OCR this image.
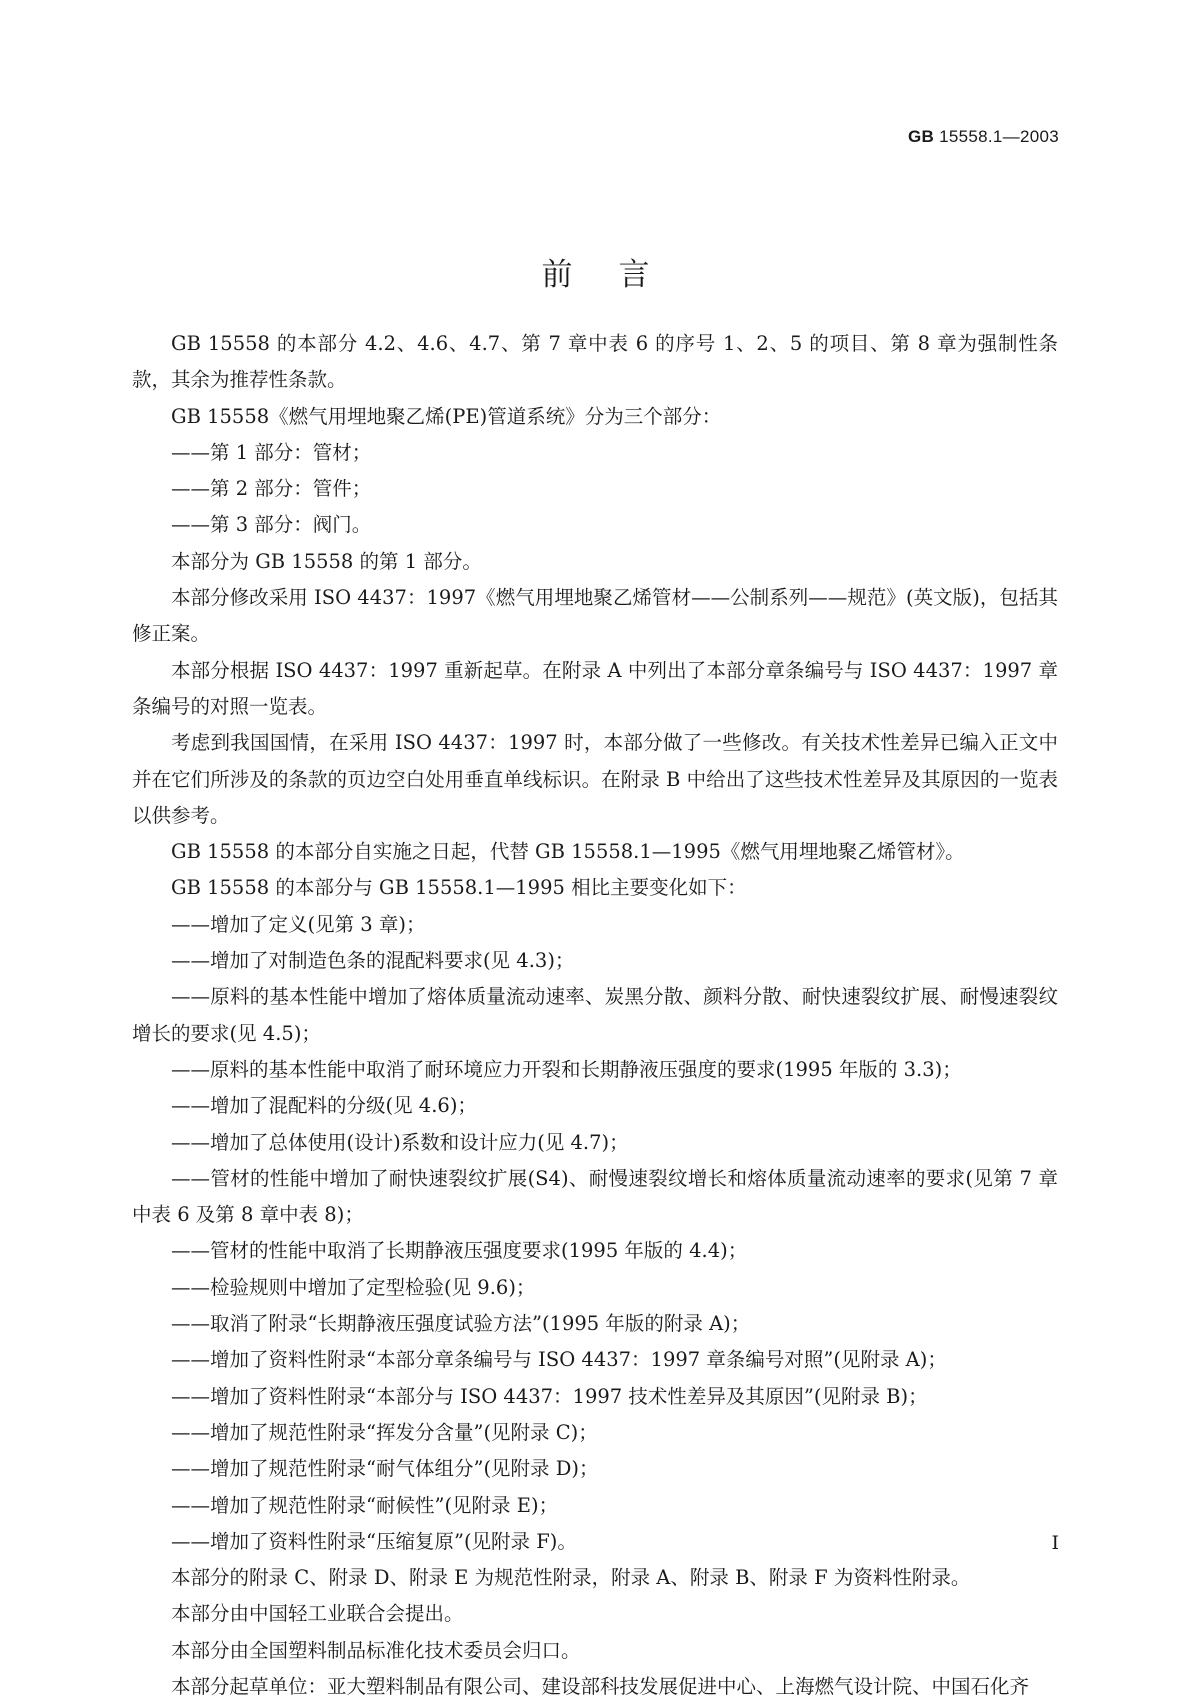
GB 15558.1—2003
前言

GB 15558 的本部分 4.2、4.6、4.7、第 7 章中表 6 的序号 1、2、5 的项目、第 8 章为强制性条款，其余为推荐性条款。

GB 15558《燃气用埋地聚乙烯(PE)管道系统》分为三个部分：

——第 1 部分：管材；

——第 2 部分：管件；

——第 3 部分：阀门。

本部分为 GB 15558 的第 1 部分。

本部分修改采用 ISO 4437：1997《燃气用埋地聚乙烯管材——公制系列——规范》(英文版)，包括其修正案。

本部分根据 ISO 4437：1997 重新起草。在附录 A 中列出了本部分章条编号与 ISO 4437：1997 章条编号的对照一览表。

考虑到我国国情，在采用 ISO 4437：1997 时，本部分做了一些修改。有关技术性差异已编入正文中并在它们所涉及的条款的页边空白处用垂直单线标识。在附录 B 中给出了这些技术性差异及其原因的一览表以供参考。

GB 15558 的本部分自实施之日起，代替 GB 15558.1—1995《燃气用埋地聚乙烯管材》。

GB 15558 的本部分与 GB 15558.1—1995 相比主要变化如下：

——增加了定义(见第 3 章)；

——增加了对制造色条的混配料要求(见 4.3)；

——原料的基本性能中增加了熔体质量流动速率、炭黑分散、颜料分散、耐快速裂纹扩展、耐慢速裂纹增长的要求(见 4.5)；

——原料的基本性能中取消了耐环境应力开裂和长期静液压强度的要求(1995 年版的 3.3)；

——增加了混配料的分级(见 4.6)；

——增加了总体使用(设计)系数和设计应力(见 4.7)；

——管材的性能中增加了耐快速裂纹扩展(S4)、耐慢速裂纹增长和熔体质量流动速率的要求(见第 7 章中表 6 及第 8 章中表 8)；

——管材的性能中取消了长期静液压强度要求(1995 年版的 4.4)；

——检验规则中增加了定型检验(见 9.6)；

——取消了附录“长期静液压强度试验方法”(1995 年版的附录 A)；

——增加了资料性附录“本部分章条编号与 ISO 4437：1997 章条编号对照”(见附录 A)；

——增加了资料性附录“本部分与 ISO 4437：1997 技术性差异及其原因”(见附录 B)；

——增加了规范性附录“挥发分含量”(见附录 C)；

——增加了规范性附录“耐气体组分”(见附录 D)；

——增加了规范性附录“耐候性”(见附录 E)；

——增加了资料性附录“压缩复原”(见附录 F)。

本部分的附录 C、附录 D、附录 E 为规范性附录，附录 A、附录 B、附录 F 为资料性附录。

本部分由中国轻工业联合会提出。

本部分由全国塑料制品标准化技术委员会归口。

本部分起草单位：亚大塑料制品有限公司、建设部科技发展促进中心、上海燃气设计院、中国石化齐

I
